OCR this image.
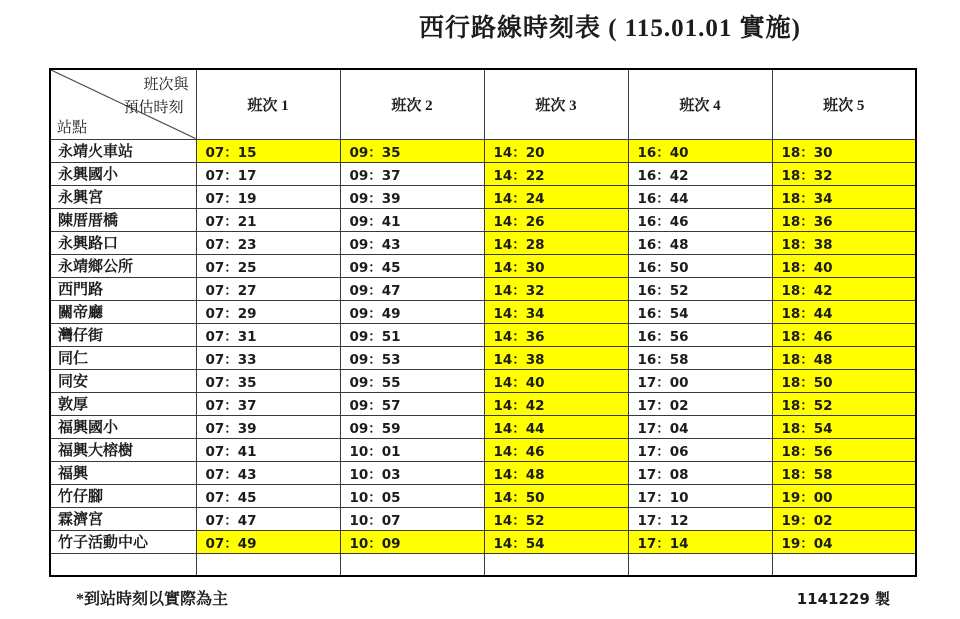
西行路線時刻表 ( 115.01.01 實施)
班次與
預估時刻
站點	班次 1	班次 2	班次 3	班次 4	班次 5
永靖火車站	07：15	09：35	14：20	16：40	18：30
永興國小	07：17	09：37	14：22	16：42	18：32
永興宮	07：19	09：39	14：24	16：44	18：34
陳厝厝橋	07：21	09：41	14：26	16：46	18：36
永興路口	07：23	09：43	14：28	16：48	18：38
永靖鄉公所	07：25	09：45	14：30	16：50	18：40
西門路	07：27	09：47	14：32	16：52	18：42
關帝廳	07：29	09：49	14：34	16：54	18：44
灣仔街	07：31	09：51	14：36	16：56	18：46
同仁	07：33	09：53	14：38	16：58	18：48
同安	07：35	09：55	14：40	17：00	18：50
敦厚	07：37	09：57	14：42	17：02	18：52
福興國小	07：39	09：59	14：44	17：04	18：54
福興大榕樹	07：41	10：01	14：46	17：06	18：56
福興	07：43	10：03	14：48	17：08	18：58
竹仔腳	07：45	10：05	14：50	17：10	19：00
霖濟宮	07：47	10：07	14：52	17：12	19：02
竹子活動中心	07：49	10：09	14：54	17：14	19：04

*到站時刻以實際為主	1141229 製
